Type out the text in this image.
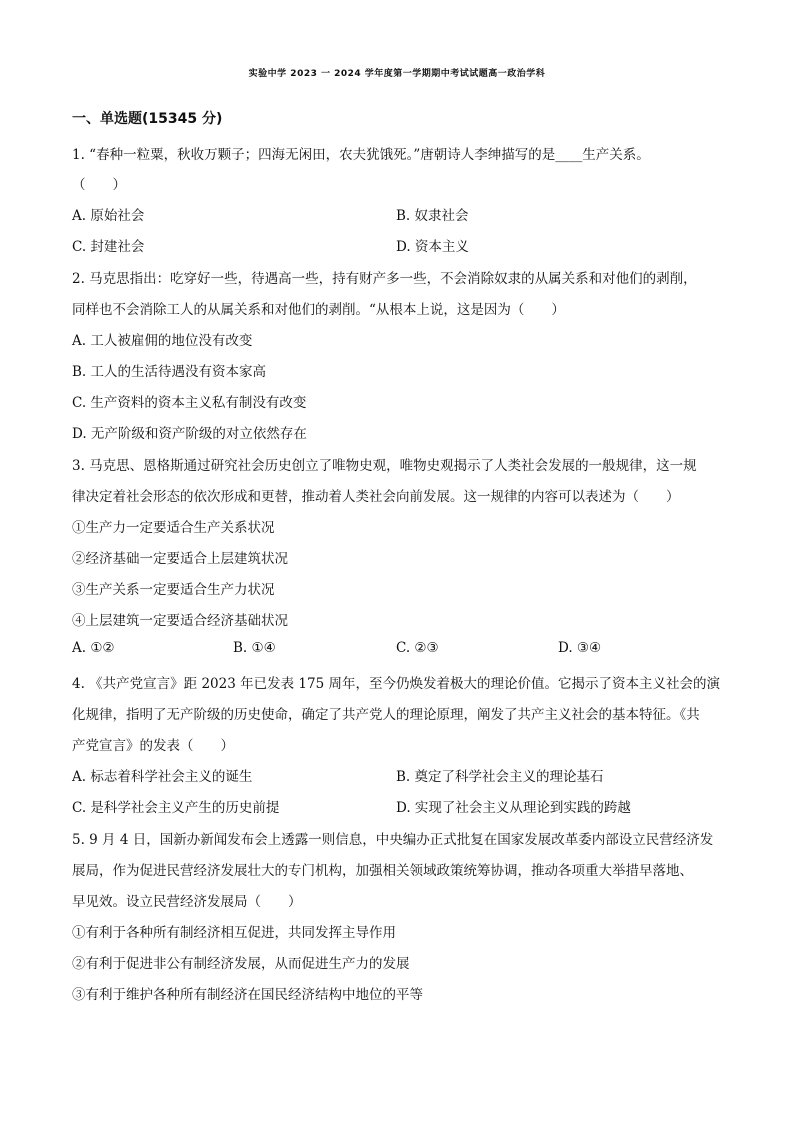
实验中学 2023 一 2024 学年度第一学期期中考试试题高一政治学科
一、单选题(15345 分)
1. “春种一粒粟，秋收万颗子；四海无闲田，农夫犹饿死。”唐朝诗人李绅描写的是____生产关系。
（　　）
A. 原始社会	B. 奴隶社会
C. 封建社会	D. 资本主义
2. 马克思指出：吃穿好一些，待遇高一些，持有财产多一些，不会消除奴隶的从属关系和对他们的剥削，
同样也不会消除工人的从属关系和对他们的剥削。“从根本上说，这是因为（　　）
A. 工人被雇佣的地位没有改变
B. 工人的生活待遇没有资本家高
C. 生产资料的资本主义私有制没有改变
D. 无产阶级和资产阶级的对立依然存在
3. 马克思、恩格斯通过研究社会历史创立了唯物史观，唯物史观揭示了人类社会发展的一般规律，这一规
律决定着社会形态的依次形成和更替，推动着人类社会向前发展。这一规律的内容可以表述为（　　）
①生产力一定要适合生产关系状况
②经济基础一定要适合上层建筑状况
③生产关系一定要适合生产力状况
④上层建筑一定要适合经济基础状况
A. ①②	B. ①④	C. ②③	D. ③④
4. 《共产党宣言》距 2023 年已发表 175 周年，至今仍焕发着极大的理论价值。它揭示了资本主义社会的演
化规律，指明了无产阶级的历史使命，确定了共产党人的理论原理，阐发了共产主义社会的基本特征。《共
产党宣言》的发表（　　）
A. 标志着科学社会主义的诞生	B. 奠定了科学社会主义的理论基石
C. 是科学社会主义产生的历史前提	D. 实现了社会主义从理论到实践的跨越
5. 9 月 4 日，国新办新闻发布会上透露一则信息，中央编办正式批复在国家发展改革委内部设立民营经济发
展局，作为促进民营经济发展壮大的专门机构，加强相关领域政策统筹协调，推动各项重大举措早落地、
早见效。设立民营经济发展局（　　）
①有利于各种所有制经济相互促进，共同发挥主导作用
②有利于促进非公有制经济发展，从而促进生产力的发展
③有利于维护各种所有制经济在国民经济结构中地位的平等
